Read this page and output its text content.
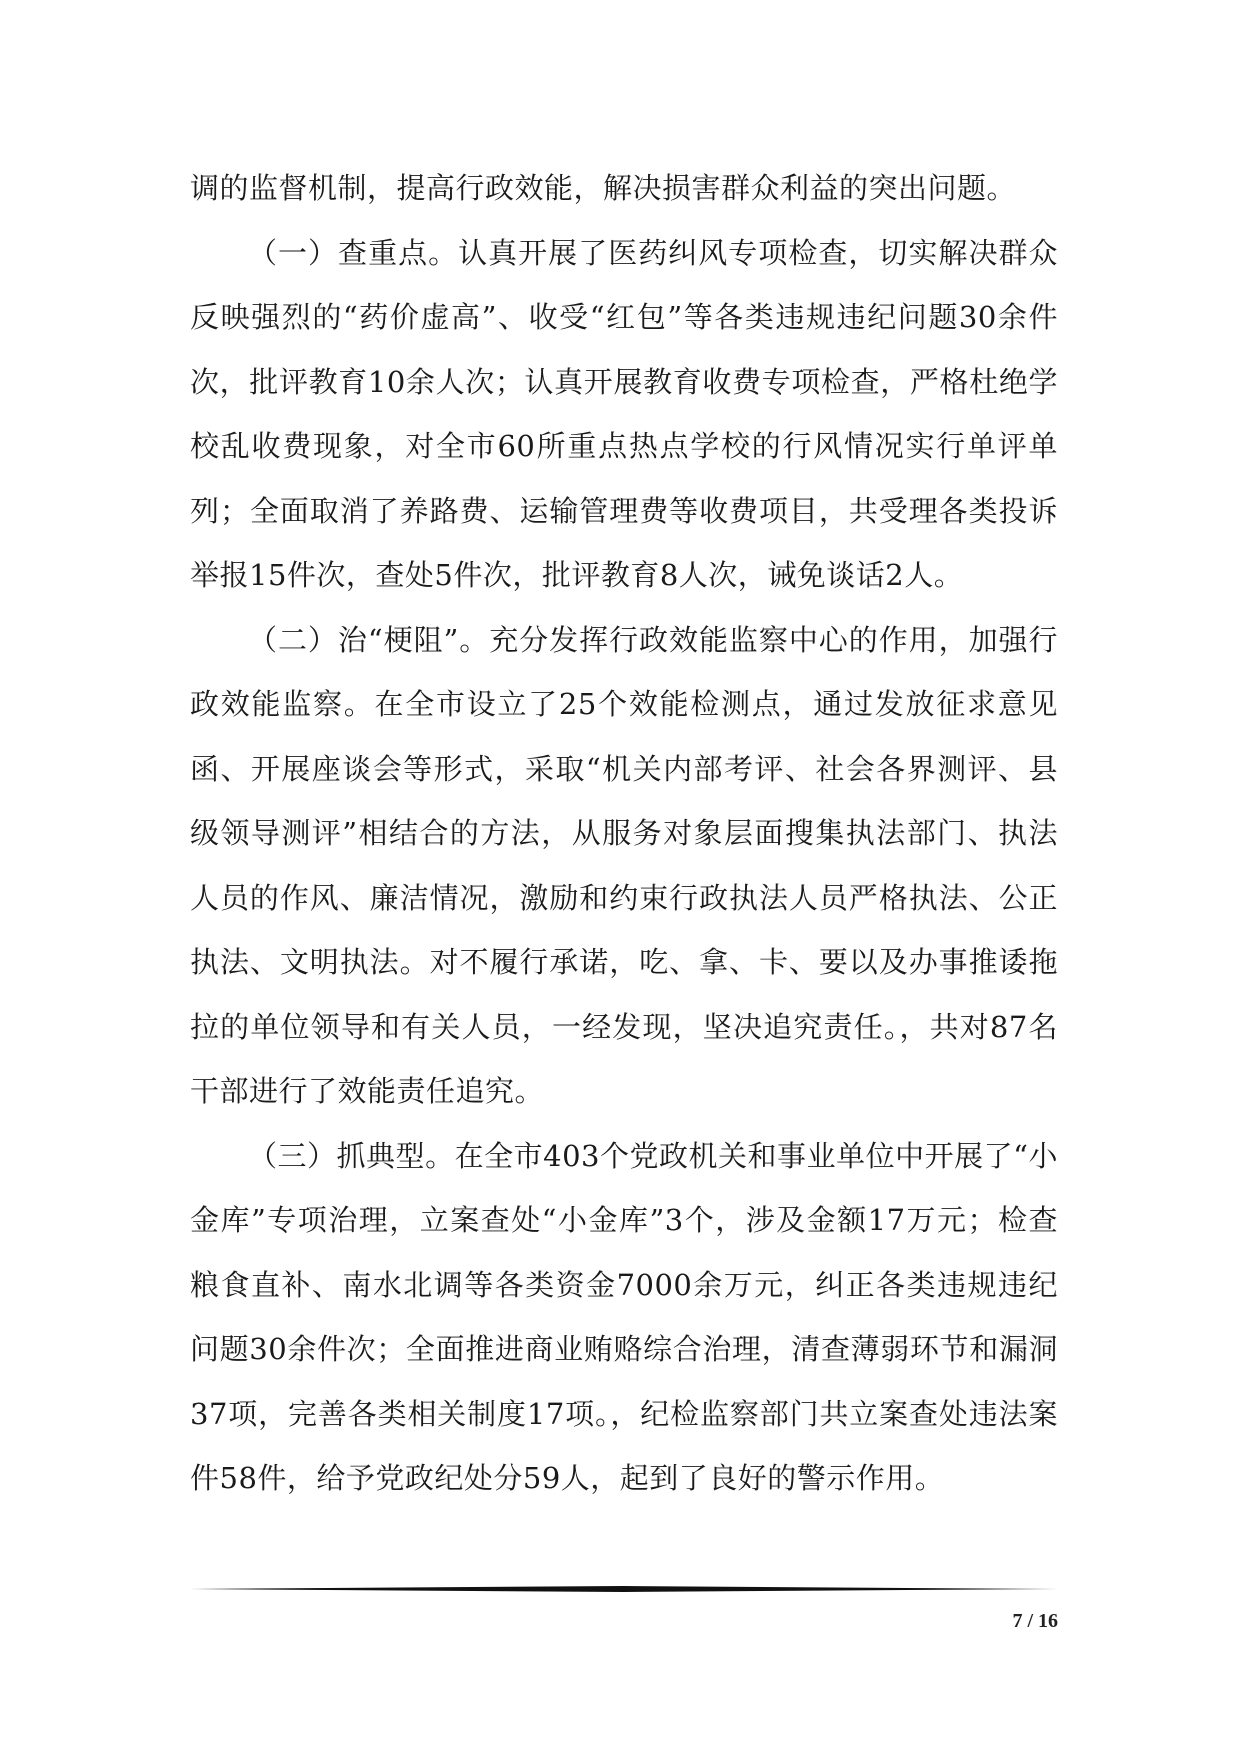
调的监督机制，提高行政效能，解决损害群众利益的突出问题。

（一）查重点。认真开展了医药纠风专项检查，切实解决群众反映强烈的“药价虚高”、收受“红包”等各类违规违纪问题30余件次，批评教育10余人次；认真开展教育收费专项检查，严格杜绝学校乱收费现象，对全市60所重点热点学校的行风情况实行单评单列；全面取消了养路费、运输管理费等收费项目，共受理各类投诉举报15件次，查处5件次，批评教育8人次，诫免谈话2人。

（二）治“梗阻”。充分发挥行政效能监察中心的作用，加强行政效能监察。在全市设立了25个效能检测点，通过发放征求意见函、开展座谈会等形式，采取“机关内部考评、社会各界测评、县级领导测评”相结合的方法，从服务对象层面搜集执法部门、执法人员的作风、廉洁情况，激励和约束行政执法人员严格执法、公正执法、文明执法。对不履行承诺，吃、拿、卡、要以及办事推诿拖拉的单位领导和有关人员，一经发现，坚决追究责任。，共对87名干部进行了效能责任追究。

（三）抓典型。在全市403个党政机关和事业单位中开展了“小金库”专项治理，立案查处“小金库”3个，涉及金额17万元；检查粮食直补、南水北调等各类资金7000余万元，纠正各类违规违纪问题30余件次；全面推进商业贿赂综合治理，清查薄弱环节和漏洞37项，完善各类相关制度17项。，纪检监察部门共立案查处违法案件58件，给予党政纪处分59人，起到了良好的警示作用。

7 / 16
